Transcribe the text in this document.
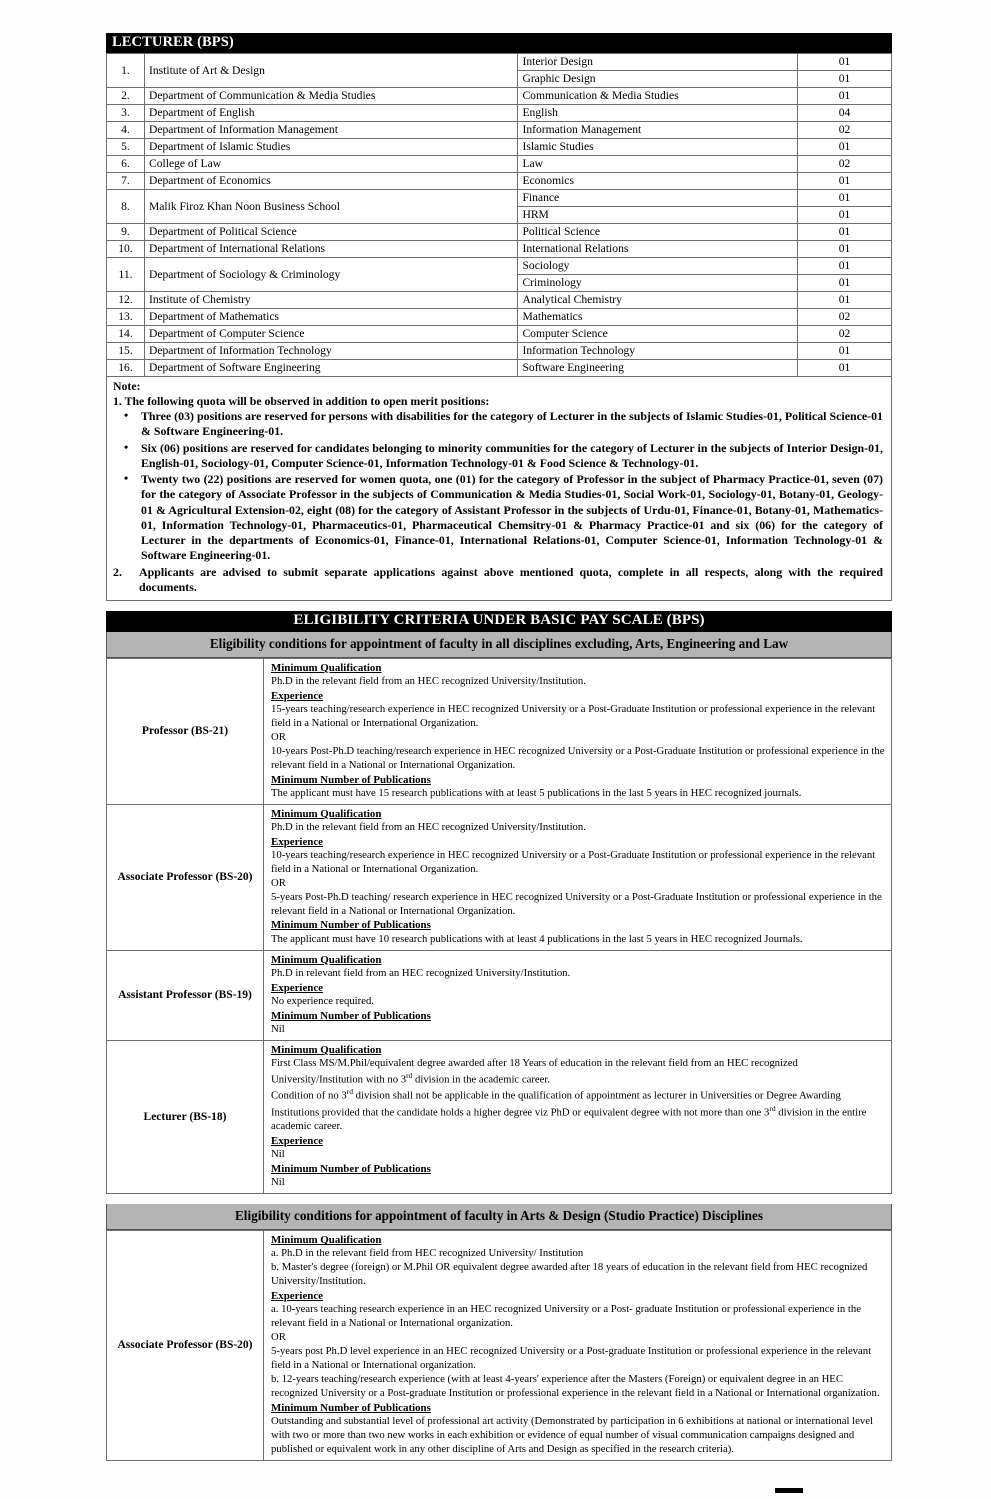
LECTURER (BPS)
1.	Institute of Art & Design	Interior Design	01
		Graphic Design	01
2.	Department of Communication & Media Studies	Communication & Media Studies	01
3.	Department of English	English	04
4.	Department of Information Management	Information Management	02
5.	Department of Islamic Studies	Islamic Studies	01
6.	College of Law	Law	02
7.	Department of Economics	Economics	01
8.	Malik Firoz Khan Noon Business School	Finance	01
		HRM	01
9.	Department of Political Science	Political Science	01
10.	Department of International Relations	International Relations	01
11.	Department of Sociology & Criminology	Sociology	01
		Criminology	01
12.	Institute of Chemistry	Analytical Chemistry	01
13.	Department of Mathematics	Mathematics	02
14.	Department of Computer Science	Computer Science	02
15.	Department of Information Technology	Information Technology	01
16.	Department of Software Engineering	Software Engineering	01
Note:
1. The following quota will be observed in addition to open merit positions:
• Three (03) positions are reserved for persons with disabilities for the category of Lecturer in the subjects of Islamic Studies-01, Political Science-01 & Software Engineering-01.
• Six (06) positions are reserved for candidates belonging to minority communities for the category of Lecturer in the subjects of Interior Design-01, English-01, Sociology-01, Computer Science-01, Information Technology-01 & Food Science & Technology-01.
• Twenty two (22) positions are reserved for women quota, one (01) for the category of Professor in the subject of Pharmacy Practice-01, seven (07) for the category of Associate Professor in the subjects of Communication & Media Studies-01, Social Work-01, Sociology-01, Botany-01, Geology-01 & Agricultural Extension-02, eight (08) for the category of Assistant Professor in the subjects of Urdu-01, Finance-01, Botany-01, Mathematics-01, Information Technology-01, Pharmaceutics-01, Pharmaceutical Chemsitry-01 & Pharmacy Practice-01 and six (06) for the category of Lecturer in the departments of Economics-01, Finance-01, International Relations-01, Computer Science-01, Information Technology-01 & Software Engineering-01.
2.	Applicants are advised to submit separate applications against above mentioned quota, complete in all respects, along with the required documents.
ELIGIBILITY CRITERIA UNDER BASIC PAY SCALE (BPS)
Eligibility conditions for appointment of faculty in all disciplines excluding, Arts, Engineering and Law
Professor (BS-21)	
Minimum Qualification
Ph.D in the relevant field from an HEC recognized University/Institution.
Experience
15-years teaching/research experience in HEC recognized University or a Post-Graduate Institution or professional experience in the relevant field in a National or International Organization.
OR
10-years Post-Ph.D teaching/research experience in HEC recognized University or a Post-Graduate Institution or professional experience in the relevant field in a National or International Organization.
Minimum Number of Publications
The applicant must have 15 research publications with at least 5 publications in the last 5 years in HEC recognized journals.

Associate Professor (BS-20)	
Minimum Qualification
Ph.D in the relevant field from an HEC recognized University/Institution.
Experience
10-years teaching/research experience in HEC recognized University or a Post-Graduate Institution or professional experience in the relevant field in a National or International Organization.
OR
5-years Post-Ph.D teaching/ research experience in HEC recognized University or a Post-Graduate Institution or professional experience in the relevant field in a National or International Organization.
Minimum Number of Publications
The applicant must have 10 research publications with at least 4 publications in the last 5 years in HEC recognized Journals.

Assistant Professor (BS-19)	
Minimum Qualification
Ph.D in relevant field from an HEC recognized University/Institution.
Experience
No experience required.
Minimum Number of Publications
Nil

Lecturer (BS-18)	
Minimum Qualification
First Class MS/M.Phil/equivalent degree awarded after 18 Years of education in the relevant field from an HEC recognized University/Institution with no 3rd division in the academic career.
Condition of no 3rd division shall not be applicable in the qualification of appointment as lecturer in Universities or Degree Awarding Institutions provided that the candidate holds a higher degree viz PhD or equivalent degree with not more than one 3rd division in the entire academic career.
Experience
Nil
Minimum Number of Publications
Nil
Eligibility conditions for appointment of faculty in Arts & Design (Studio Practice) Disciplines
Associate Professor (BS-20)	
Minimum Qualification
a. Ph.D in the relevant field from HEC recognized University/ Institution
b. Master's degree (foreign) or M.Phil OR equivalent degree awarded after 18 years of education in the relevant field from HEC recognized University/Institution.
Experience
a. 10-years teaching research experience in an HEC recognized University or a Post- graduate Institution or professional experience in the relevant field in a National or International organization.
OR
5-years post Ph.D level experience in an HEC recognized University or a Post-graduate Institution or professional experience in the relevant field in a National or International organization.
b. 12-years teaching/research experience (with at least 4-years' experience after the Masters (Foreign) or equivalent degree in an HEC recognized University or a Post-graduate Institution or professional experience in the relevant field in a National or International organization.
Minimum Number of Publications
Outstanding and substantial level of professional art activity (Demonstrated by participation in 6 exhibitions at national or international level with two or more than two new works in each exhibition or evidence of equal number of visual communication campaigns designed and published or equivalent work in any other discipline of Arts and Design as specified in the research criteria).
